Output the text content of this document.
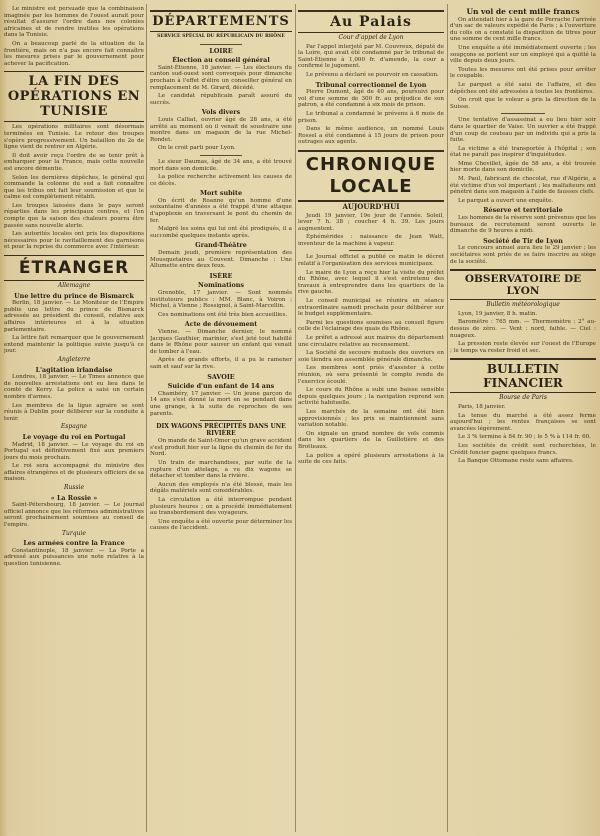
Le ministre est persuadé que la combinaison imaginée par les hommes de l'ouest aurait pour résultat d'assurer l'ordre dans nos colonies africaines et de rendre inutiles les opérations dans la Tunisie.

On a beaucoup parlé de la situation de la frontière, mais on n'a pas encore fait connaître les mesures prises par le gouvernement pour achever la pacification.

LA FIN DES OPÉRATIONS EN TUNISIE

Les opérations militaires sont désormais terminées en Tunisie. Le retour des troupes s'opère progressivement. Un bataillon du 2e de ligne vient de rentrer en Algérie.

Il doit avoir reçu l'ordre de se tenir prêt à embarquer pour la France, mais cette nouvelle est encore démentie.

Selon les dernières dépêches, le général qui commande la colonne du sud a fait connaître que les tribus ont fait leur soumission et que le calme est complètement rétabli.

Les troupes laissées dans le pays seront réparties dans les principaux centres, et l'on compte que la saison des chaleurs pourra être passée sans nouvelle alerte.

Les autorités locales ont pris les dispositions nécessaires pour le ravitaillement des garnisons et pour la reprise du commerce avec l'intérieur.

ÉTRANGER
Allemagne
Une lettre du prince de Bismarck

Berlin, 18 janvier. — Le Moniteur de l'Empire publie une lettre du prince de Bismarck adressée au président du conseil, relative aux affaires intérieures et à la situation parlementaire.

La lettre fait remarquer que le gouvernement entend maintenir la politique suivie jusqu'à ce jour.

Angleterre
L'agitation irlandaise

Londres, 18 janvier. — Le Times annonce que de nouvelles arrestations ont eu lieu dans le comté de Kerry. La police a saisi un certain nombre d'armes.

Les membres de la ligue agraire se sont réunis à Dublin pour délibérer sur la conduite à tenir.

Espagne
Le voyage du roi en Portugal

Madrid, 18 janvier. — Le voyage du roi en Portugal est définitivement fixé aux premiers jours du mois prochain.

Le roi sera accompagné du ministre des affaires étrangères et de plusieurs officiers de sa maison.

Russie
« La Rossie »

Saint-Pétersbourg, 18 janvier. — Le journal officiel annonce que les réformes administratives seront prochainement soumises au conseil de l'empire.

Turquie
Les armées contre la France

Constantinople, 18 janvier. — La Porte a adressé aux puissances une note relative à la question tunisienne.

DÉPARTEMENTS
SERVICE SPÉCIAL DU RÉPUBLICAIN DU RHÔNE
LOIRE
Élection au conseil général

Saint-Étienne, 18 janvier. — Les électeurs du canton sud-ouest sont convoqués pour dimanche prochain à l'effet d'élire un conseiller général en remplacement de M. Girard, décédé.

Le candidat républicain paraît assuré du succès.

Vols divers

Louis Calliat, ouvrier âgé de 28 ans, a été arrêté au moment où il venait de soustraire une montre dans un magasin de la rue Michel-Rondet.

On le croit parti pour Lyon.

Le sieur Daumas, âgé de 34 ans, a été trouvé mort dans son domicile.

La police recherche activement les causes de ce décès.

Mort subite

On écrit de Roanne qu'un homme d'une soixantaine d'années a été frappé d'une attaque d'apoplexie en traversant le pont du chemin de fer.

Malgré les soins qui lui ont été prodigués, il a succombé quelques instants après.

Grand-Théâtre

Demain jeudi, première représentation des Mousquetaires au Couvent. Dimanche : Une Allumette entre deux feux.

ISÈRE
Nominations

Grenoble, 17 janvier. — Sont nommés instituteurs publics : MM. Blanc, à Voiron ; Michel, à Vienne ; Rossignol, à Saint-Marcellin.

Ces nominations ont été très bien accueillies.

Acte de dévouement

Vienne. — Dimanche dernier, le nommé Jacques Gauthier, marinier, s'est jeté tout habillé dans le Rhône pour sauver un enfant qui venait de tomber à l'eau.

Après de grands efforts, il a pu le ramener sain et sauf sur la rive.

SAVOIE
Suicide d'un enfant de 14 ans

Chambéry, 17 janvier. — Un jeune garçon de 14 ans s'est donné la mort en se pendant dans une grange, à la suite de reproches de ses parents.

DIX WAGONS PRÉCIPITÉS DANS UNE RIVIÈRE

On mande de Saint-Omer qu'un grave accident s'est produit hier sur la ligne du chemin de fer du Nord.

Un train de marchandises, par suite de la rupture d'un attelage, a vu dix wagons se détacher et tomber dans la rivière.

Aucun des employés n'a été blessé, mais les dégâts matériels sont considérables.

La circulation a été interrompue pendant plusieurs heures ; on a procédé immédiatement au transbordement des voyageurs.

Une enquête a été ouverte pour déterminer les causes de l'accident.

Au Palais
Cour d'appel de Lyon

Par l'appel interjeté par M. Couvreux, député de la Loire, qui avait été condamné par le tribunal de Saint-Étienne à 1,000 fr. d'amende, la cour a confirmé le jugement.

Le prévenu a déclaré se pourvoir en cassation.

Tribunal correctionnel de Lyon

Pierre Dumont, âgé de 40 ans, poursuivi pour vol d'une somme de 300 fr. au préjudice de son patron, a été condamné à six mois de prison.

Le tribunal a condamné le prévenu à 6 mois de prison.

Dans le même audience, un nommé Louis Rossel a été condamné à 15 jours de prison pour outrages aux agents.

CHRONIQUE LOCALE
AUJOURD'HUI

Jeudi 19 janvier, 19e jour de l'année. Soleil, lever 7 h. 38 ; coucher 4 h. 39. Les jours augmentent.

Éphémérides : naissance de Jean Watt, inventeur de la machine à vapeur.

Le Journal officiel a publié ce matin le décret relatif à l'organisation des services municipaux.

Le maire de Lyon a reçu hier la visite du préfet du Rhône, avec lequel il s'est entretenu des travaux à entreprendre dans les quartiers de la rive gauche.

Le conseil municipal se réunira en séance extraordinaire samedi prochain pour délibérer sur le budget supplémentaire.

Parmi les questions soumises au conseil figure celle de l'éclairage des quais du Rhône.

Le préfet a adressé aux maires du département une circulaire relative au recensement.

La Société de secours mutuels des ouvriers en soie tiendra son assemblée générale dimanche.

Les membres sont priés d'assister à cette réunion, où sera présenté le compte rendu de l'exercice écoulé.

Le cours du Rhône a subi une baisse sensible depuis quelques jours ; la navigation reprend son activité habituelle.

Les marchés de la semaine ont été bien approvisionnés ; les prix se maintiennent sans variation notable.

On signale un grand nombre de vols commis dans les quartiers de la Guillotière et des Brotteaux.

La police a opéré plusieurs arrestations à la suite de ces faits.

Un vol de cent mille francs

On attendait hier à la gare de Perrache l'arrivée d'un sac de valeurs expédié de Paris ; à l'ouverture du colis on a constaté la disparition de titres pour une somme de cent mille francs.

Une enquête a été immédiatement ouverte ; les soupçons se portent sur un employé qui a quitté la ville depuis deux jours.

Toutes les mesures ont été prises pour arrêter le coupable.

Le parquet a été saisi de l'affaire, et des dépêches ont été adressées à toutes les frontières.

On croit que le voleur a pris la direction de la Suisse.

Une tentative d'assassinat a eu lieu hier soir dans le quartier de Vaise. Un ouvrier a été frappé d'un coup de couteau par un individu qui a pris la fuite.

La victime a été transportée à l'hôpital ; son état ne paraît pas inspirer d'inquiétudes.

Mme Chevillet, âgée de 58 ans, a été trouvée hier morte dans son domicile.

M. Paul, fabricant de chocolat, rue d'Algérie, a été victime d'un vol important ; les malfaiteurs ont pénétré dans son magasin à l'aide de fausses clefs.

Le parquet a ouvert une enquête.

Réserve et territoriale

Les hommes de la réserve sont prévenus que les bureaux de recrutement seront ouverts le dimanche de 9 heures à midi.

Société de Tir de Lyon

Le concours annuel aura lieu le 29 janvier ; les sociétaires sont priés de se faire inscrire au siège de la société.

OBSERVATOIRE DE LYON
Bulletin météorologique

Lyon, 19 janvier, 8 h. matin.

Baromètre : 765 mm. — Thermomètre : 2° au-dessus de zéro. — Vent : nord, faible. — Ciel : nuageux.

La pression reste élevée sur l'ouest de l'Europe ; le temps va rester froid et sec.

BULLETIN FINANCIER
Bourse de Paris

Paris, 18 janvier.

La tenue du marché a été assez ferme aujourd'hui ; les rentes françaises se sont avancées légèrement.

Le 3 % termine à 84 fr. 90 ; le 5 % à 114 fr. 60.

Les sociétés de crédit sont recherchées, le Crédit foncier gagne quelques francs.

La Banque Ottomane reste sans affaires.
